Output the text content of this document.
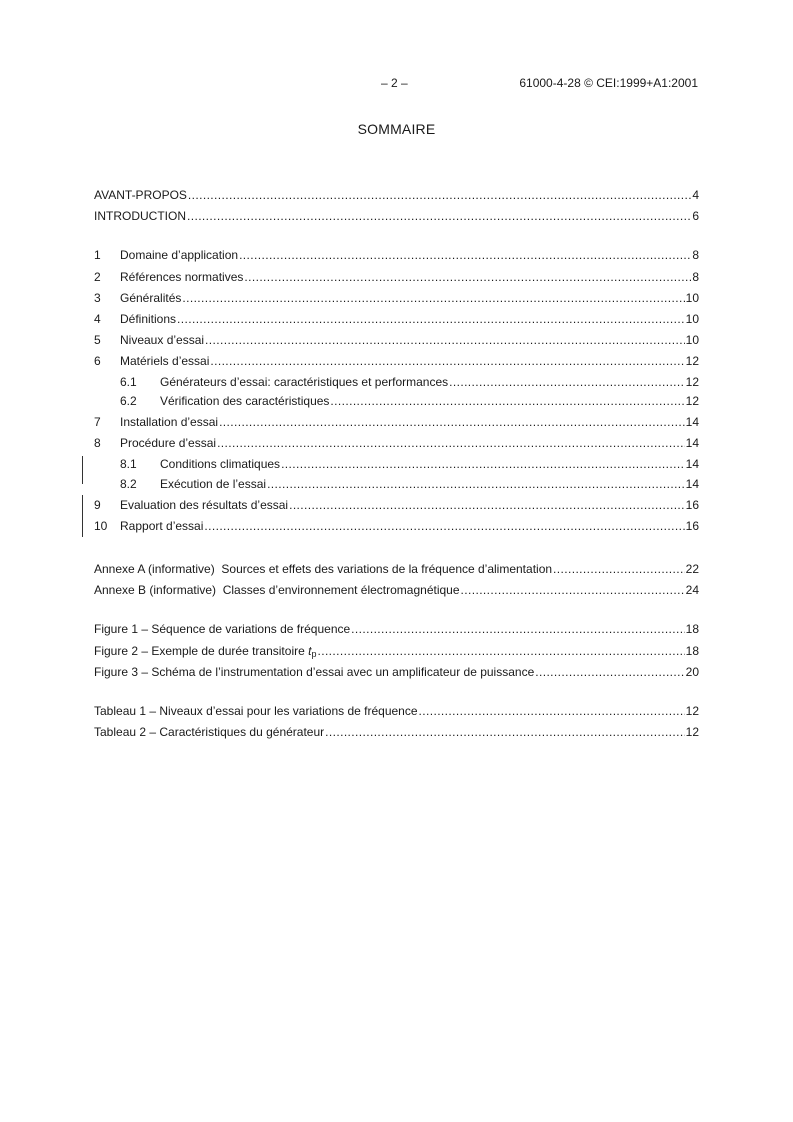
– 2 –	61000-4-28 © CEI:1999+A1:2001
SOMMAIRE
AVANT-PROPOS .....	4
INTRODUCTION .....	6
1	Domaine d’application .....	8
2	Références normatives .....	8
3	Généralités .....	10
4	Définitions .....	10
5	Niveaux d’essai .....	10
6	Matériels d’essai .....	12
6.1	Générateurs d’essai: caractéristiques et performances .....	12
6.2	Vérification des caractéristiques .....	12
7	Installation d’essai .....	14
8	Procédure d’essai .....	14
8.1	Conditions climatiques .....	14
8.2	Exécution de l’essai .....	14
9	Evaluation des résultats d’essai .....	16
10	Rapport d’essai .....	16
Annexe A (informative)  Sources et effets des variations de la fréquence d’alimentation .....	22
Annexe B (informative)  Classes d’environnement électromagnétique .....	24
Figure 1 – Séquence de variations de fréquence .....	18
Figure 2 – Exemple de durée transitoire $t_p$ .....	18
Figure 3 – Schéma de l’instrumentation d’essai avec un amplificateur de puissance .....	20
Tableau 1 – Niveaux d’essai pour les variations de fréquence .....	12
Tableau 2 – Caractéristiques du générateur .....	12
